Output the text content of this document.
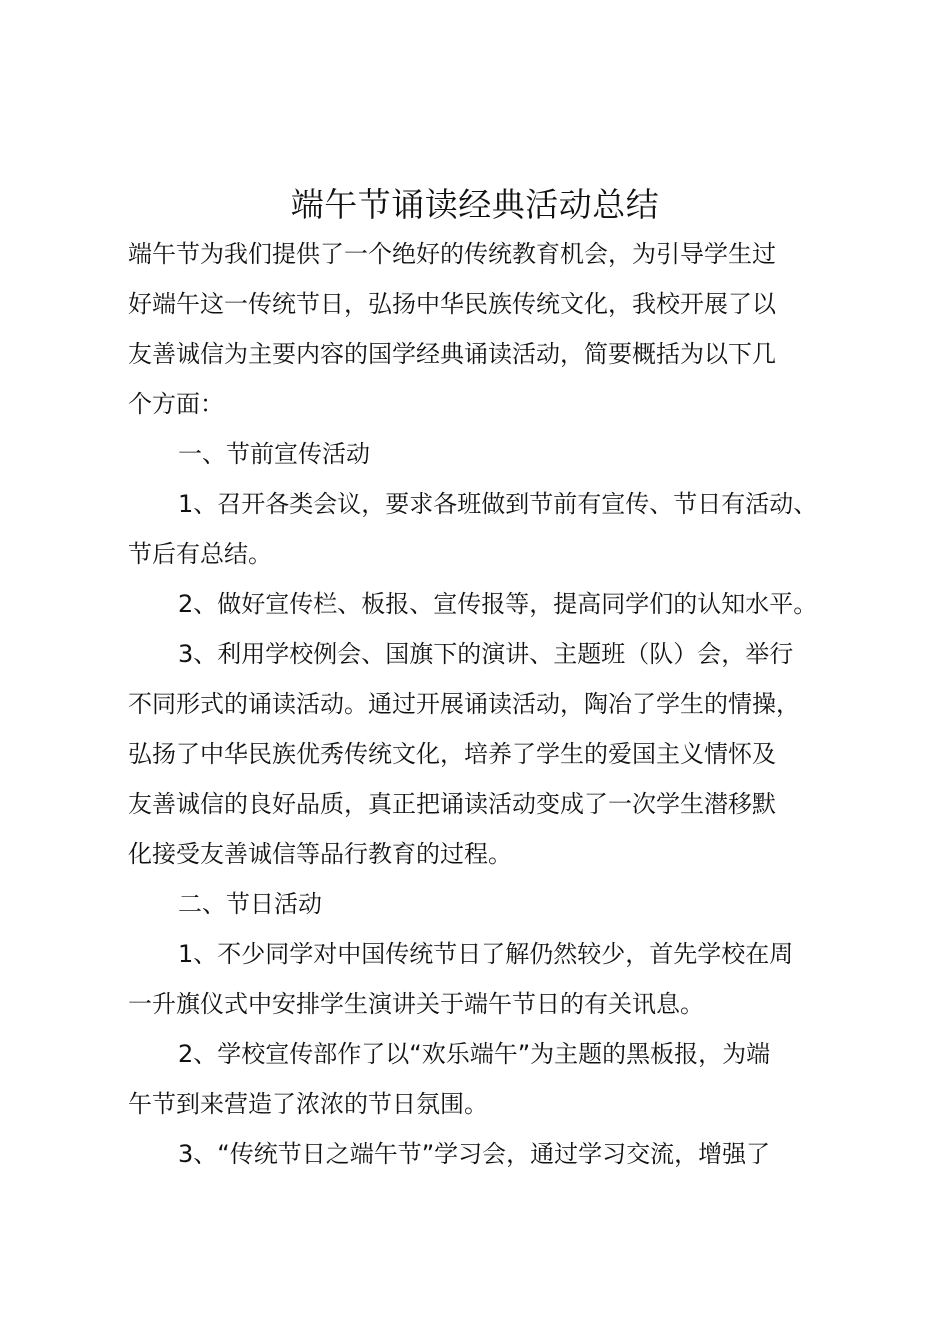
端午节诵读经典活动总结
端午节为我们提供了一个绝好的传统教育机会，为引导学生过
好端午这一传统节日，弘扬中华民族传统文化，我校开展了以
友善诚信为主要内容的国学经典诵读活动，简要概括为以下几
个方面：
一、节前宣传活动
1、召开各类会议，要求各班做到节前有宣传、节日有活动、
节后有总结。
2、做好宣传栏、板报、宣传报等，提高同学们的认知水平。
3、利用学校例会、国旗下的演讲、主题班（队）会，举行
不同形式的诵读活动。通过开展诵读活动，陶冶了学生的情操，
弘扬了中华民族优秀传统文化，培养了学生的爱国主义情怀及
友善诚信的良好品质，真正把诵读活动变成了一次学生潜移默
化接受友善诚信等品行教育的过程。
二、节日活动
1、不少同学对中国传统节日了解仍然较少，首先学校在周
一升旗仪式中安排学生演讲关于端午节日的有关讯息。
2、学校宣传部作了以“欢乐端午”为主题的黑板报，为端
午节到来营造了浓浓的节日氛围。
3、“传统节日之端午节”学习会，通过学习交流，增强了
